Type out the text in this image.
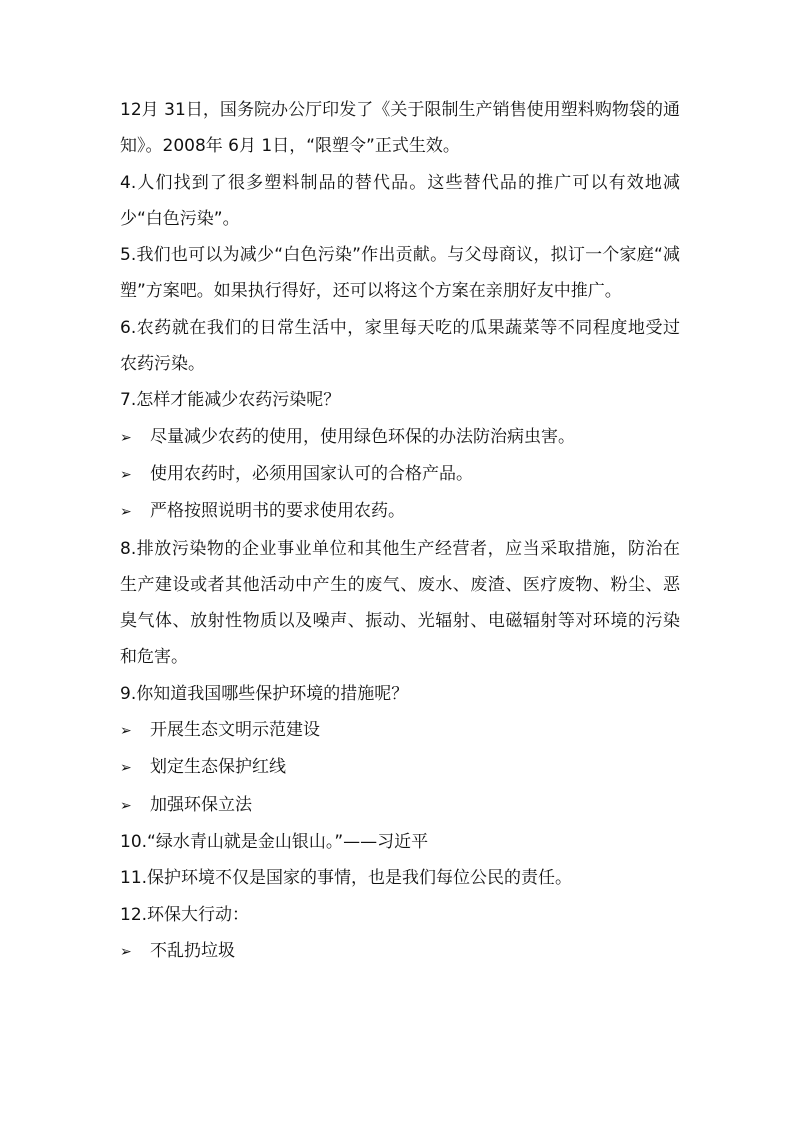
12月 31日，国务院办公厅印发了《关于限制生产销售使用塑料购物袋的通知》。2008年 6月 1日，“限塑令”正式生效。

4.人们找到了很多塑料制品的替代品。这些替代品的推广可以有效地减少“白色污染”。

5.我们也可以为减少“白色污染”作出贡献。与父母商议，拟订一个家庭“减塑”方案吧。如果执行得好，还可以将这个方案在亲朋好友中推广。

6.农药就在我们的日常生活中，家里每天吃的瓜果蔬菜等不同程度地受过农药污染。

7.怎样才能减少农药污染呢？

➢	尽量减少农药的使用，使用绿色环保的办法防治病虫害。
➢	使用农药时，必须用国家认可的合格产品。
➢	严格按照说明书的要求使用农药。

8.排放污染物的企业事业单位和其他生产经营者，应当采取措施，防治在生产建设或者其他活动中产生的废气、废水、废渣、医疗废物、粉尘、恶臭气体、放射性物质以及噪声、振动、光辐射、电磁辐射等对环境的污染和危害。

9.你知道我国哪些保护环境的措施呢？

➢	开展生态文明示范建设
➢	划定生态保护红线
➢	加强环保立法

10.“绿水青山就是金山银山。”——习近平

11.保护环境不仅是国家的事情，也是我们每位公民的责任。

12.环保大行动：

➢	不乱扔垃圾
